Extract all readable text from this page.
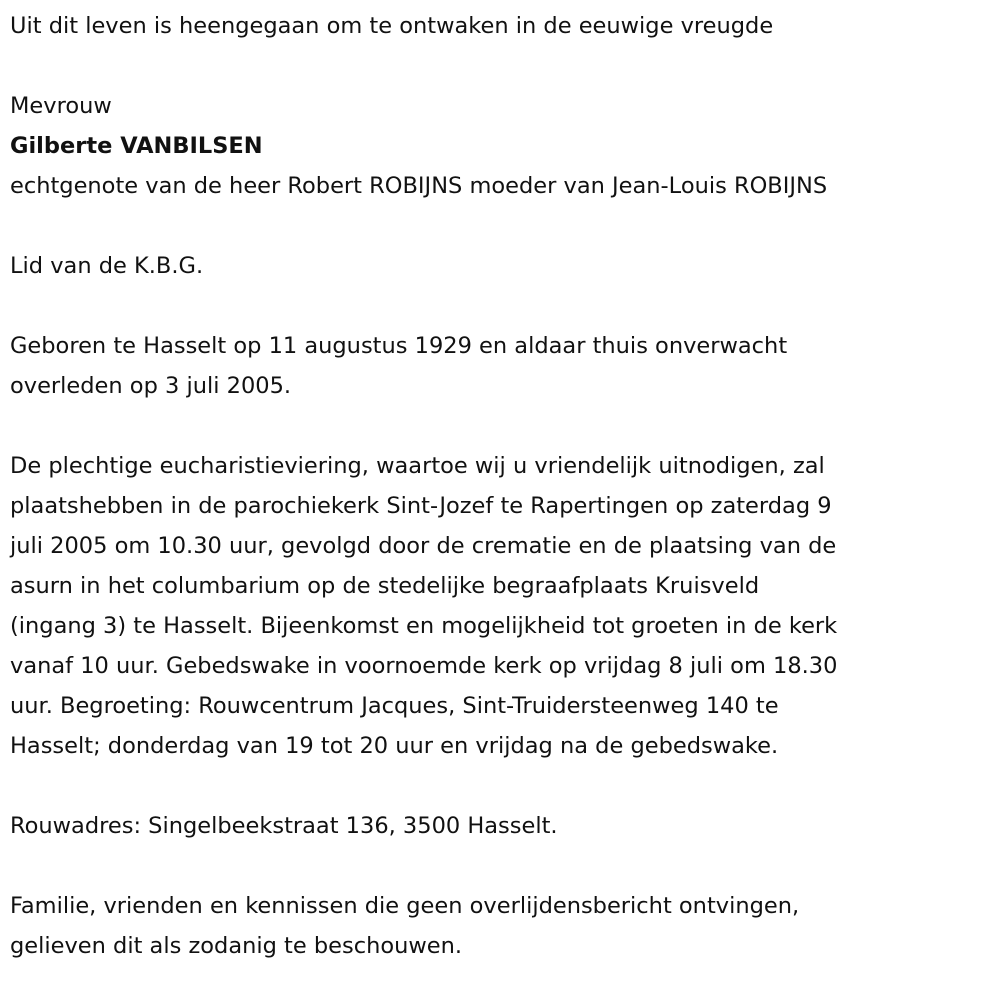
Uit dit leven is heengegaan om te ontwaken in de eeuwige vreugde
Mevrouw
Gilberte VANBILSEN
echtgenote van de heer Robert ROBIJNS moeder van Jean-Louis ROBIJNS
Lid van de K.B.G.
Geboren te Hasselt op 11 augustus 1929 en aldaar thuis onverwacht
overleden op 3 juli 2005.
De plechtige eucharistieviering, waartoe wij u vriendelijk uitnodigen, zal
plaatshebben in de parochiekerk Sint-Jozef te Rapertingen op zaterdag 9
juli 2005 om 10.30 uur, gevolgd door de crematie en de plaatsing van de
asurn in het columbarium op de stedelijke begraafplaats Kruisveld
(ingang 3) te Hasselt. Bijeenkomst en mogelijkheid tot groeten in de kerk
vanaf 10 uur. Gebedswake in voornoemde kerk op vrijdag 8 juli om 18.30
uur. Begroeting: Rouwcentrum Jacques, Sint-Truidersteenweg 140 te
Hasselt; donderdag van 19 tot 20 uur en vrijdag na de gebedswake.
Rouwadres: Singelbeekstraat 136, 3500 Hasselt.
Familie, vrienden en kennissen die geen overlijdensbericht ontvingen,
gelieven dit als zodanig te beschouwen.
